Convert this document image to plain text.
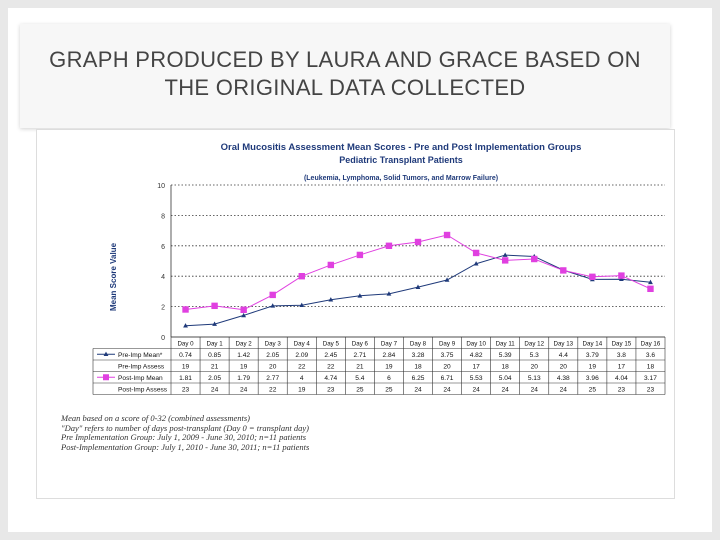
GRAPH PRODUCED BY LAURA AND GRACE BASED ON
THE ORIGINAL DATA COLLECTED
Oral Mucositis Assessment Mean Scores - Pre and Post Implementation Groups
Pediatric Transplant Patients
(Leukemia, Lymphoma, Solid Tumors, and Marrow Failure)
Mean Score Value
0
2
4
6
8
10
Day 0 Day 1 Day 2 Day 3 Day 4 Day 5 Day 6 Day 7 Day 8 Day 9 Day 10 Day 11 Day 12 Day 13 Day 14 Day 15 Day 16
Pre-Imp Mean*	0.74 0.85 1.42 2.05 2.09 2.45 2.71 2.84 3.28 3.75 4.82 5.39	5.3	4.4	3.79	3.8	3.6
Pre-Imp Assess	19	21	19	20	22	22	21	19	18	20	17	18	20	20	19	17	18
Post-Imp Mean 1.81 2.05 1.79 2.77	4	4.74	5.4	6	6.25 6.71 5.53 5.04 5.13 4.38 3.96 4.04 3.17
Post-Imp Assess 23	24	24	22	19	23	25	25	24	24	24	24	24	24	25	23	23
Mean based on a score of 0-32 (combined assessments)
"Day" refers to number of days post-transplant (Day 0 = transplant day)
Pre Implementation Group: July 1, 2009 - June 30, 2010; n=11 patients
Post-Implementation Group: July 1, 2010 - June 30, 2011; n=11 patients
